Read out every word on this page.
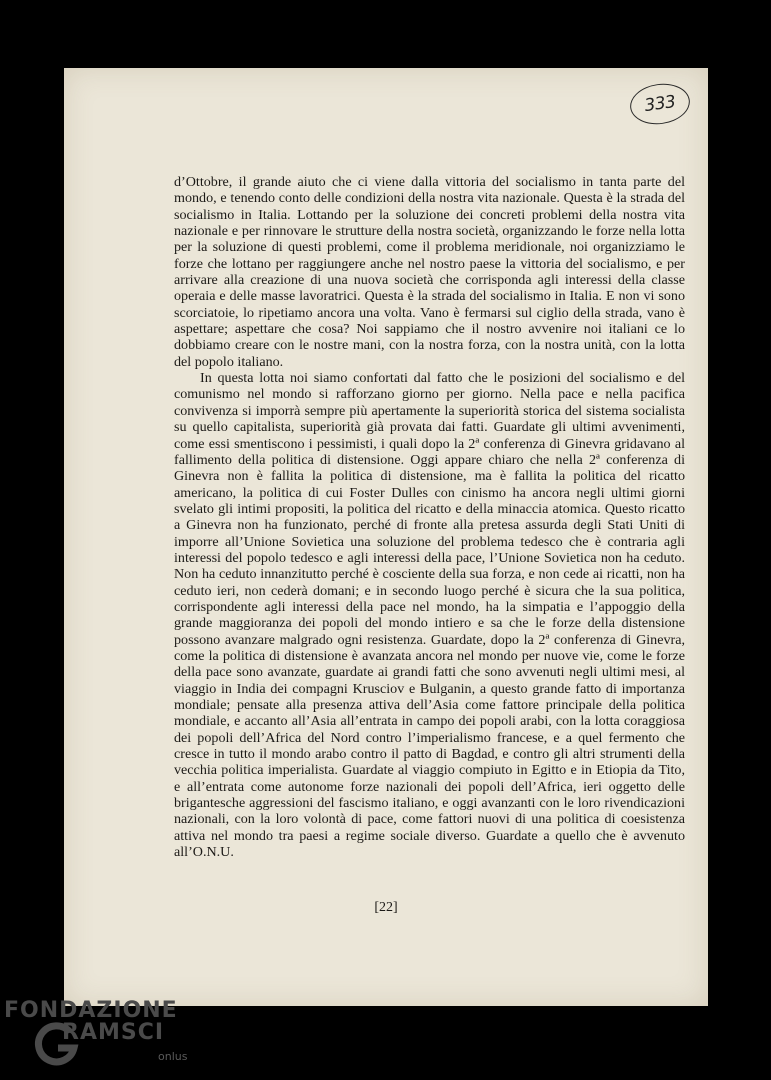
333

d’Ottobre, il grande aiuto che ci viene dalla vittoria del socialismo in tanta parte del mondo, e tenendo conto delle condizioni della nostra vita nazionale. Questa è la strada del socialismo in Italia. Lottando per la soluzione dei concreti problemi della nostra vita nazionale e per rinnovare le strutture della nostra società, organizzando le forze nella lotta per la soluzione di questi problemi, come il problema meridionale, noi organizziamo le forze che lottano per raggiungere anche nel nostro paese la vittoria del socialismo, e per arrivare alla creazione di una nuova società che corrisponda agli interessi della classe operaia e delle masse lavoratrici. Questa è la strada del socialismo in Italia. E non vi sono scorciatoie, lo ripetiamo ancora una volta. Vano è fermarsi sul ciglio della strada, vano è aspettare; aspettare che cosa? Noi sappiamo che il nostro avvenire noi italiani ce lo dobbiamo creare con le nostre mani, con la nostra forza, con la nostra unità, con la lotta del popolo italiano.

In questa lotta noi siamo confortati dal fatto che le posizioni del socialismo e del comunismo nel mondo si rafforzano giorno per giorno. Nella pace e nella pacifica convivenza si imporrà sempre più apertamente la superiorità storica del sistema socialista su quello capitalista, superiorità già provata dai fatti. Guardate gli ultimi avvenimenti, come essi smentiscono i pessimisti, i quali dopo la 2ª conferenza di Ginevra gridavano al fallimento della politica di distensione. Oggi appare chiaro che nella 2ª conferenza di Ginevra non è fallita la politica di distensione, ma è fallita la politica del ricatto americano, la politica di cui Foster Dulles con cinismo ha ancora negli ultimi giorni svelato gli intimi propositi, la politica del ricatto e della minaccia atomica. Questo ricatto a Ginevra non ha funzionato, perché di fronte alla pretesa assurda degli Stati Uniti di imporre all’Unione Sovietica una soluzione del problema tedesco che è contraria agli interessi del popolo tedesco e agli interessi della pace, l’Unione Sovietica non ha ceduto. Non ha ceduto innanzitutto perché è cosciente della sua forza, e non cede ai ricatti, non ha ceduto ieri, non cederà domani; e in secondo luogo perché è sicura che la sua politica, corrispondente agli interessi della pace nel mondo, ha la simpatia e l’appoggio della grande maggioranza dei popoli del mondo intiero e sa che le forze della distensione possono avanzare malgrado ogni resistenza. Guardate, dopo la 2ª conferenza di Ginevra, come la politica di distensione è avanzata ancora nel mondo per nuove vie, come le forze della pace sono avanzate, guardate ai grandi fatti che sono avvenuti negli ultimi mesi, al viaggio in India dei compagni Krusciov e Bulganin, a questo grande fatto di importanza mondiale; pensate alla presenza attiva dell’Asia come fattore principale della politica mondiale, e accanto all’Asia all’entrata in campo dei popoli arabi, con la lotta coraggiosa dei popoli dell’Africa del Nord contro l’imperialismo francese, e a quel fermento che cresce in tutto il mondo arabo contro il patto di Bagdad, e contro gli altri strumenti della vecchia politica imperialista. Guardate al viaggio compiuto in Egitto e in Etiopia da Tito, e all’entrata come autonome forze nazionali dei popoli dell’Africa, ieri oggetto delle brigantesche aggressioni del fascismo italiano, e oggi avanzanti con le loro rivendicazioni nazionali, con la loro volontà di pace, come fattori nuovi di una politica di coesistenza attiva nel mondo tra paesi a regime sociale diverso. Guardate a quello che è avvenuto all’O.N.U.

[22]
FONDAZIONE
RAMSCI
onlus
